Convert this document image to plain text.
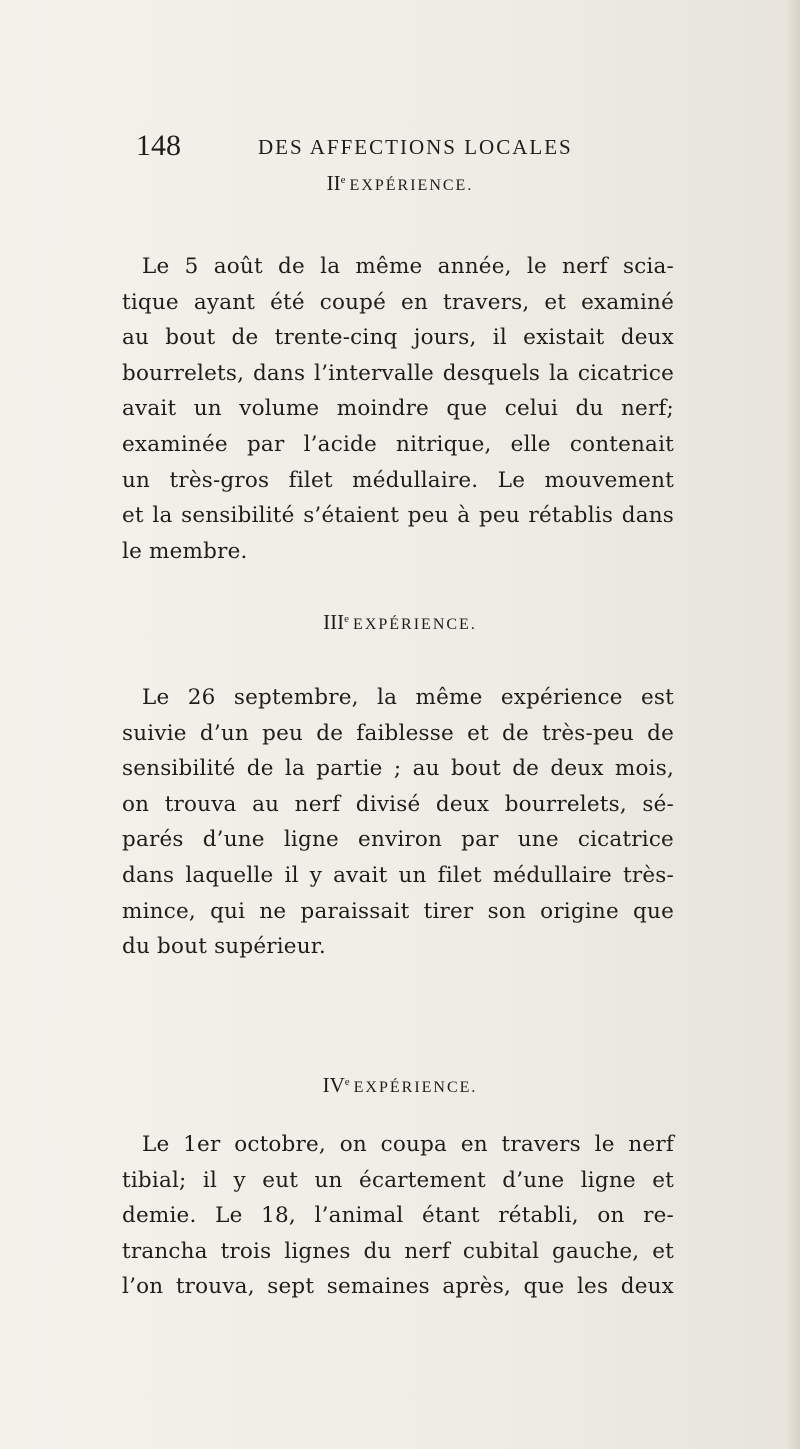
148	DES AFFECTIONS LOCALES
IIe EXPÉRIENCE.
Le 5 août de la même année, le nerf scia-
tique ayant été coupé en travers, et examiné
au bout de trente-cinq jours, il existait deux
bourrelets, dans l’intervalle desquels la cicatrice
avait un volume moindre que celui du nerf;
examinée par l’acide nitrique, elle contenait
un très-gros filet médullaire. Le mouvement
et la sensibilité s’étaient peu à peu rétablis dans
le membre.
IIIe EXPÉRIENCE.
Le 26 septembre, la même expérience est
suivie d’un peu de faiblesse et de très-peu de
sensibilité de la partie ; au bout de deux mois,
on trouva au nerf divisé deux bourrelets, sé-
parés d’une ligne environ par une cicatrice
dans laquelle il y avait un filet médullaire très-
mince, qui ne paraissait tirer son origine que
du bout supérieur.
IVe EXPÉRIENCE.
Le 1er octobre, on coupa en travers le nerf
tibial; il y eut un écartement d’une ligne et
demie. Le 18, l’animal étant rétabli, on re-
trancha trois lignes du nerf cubital gauche, et
l’on trouva, sept semaines après, que les deux
